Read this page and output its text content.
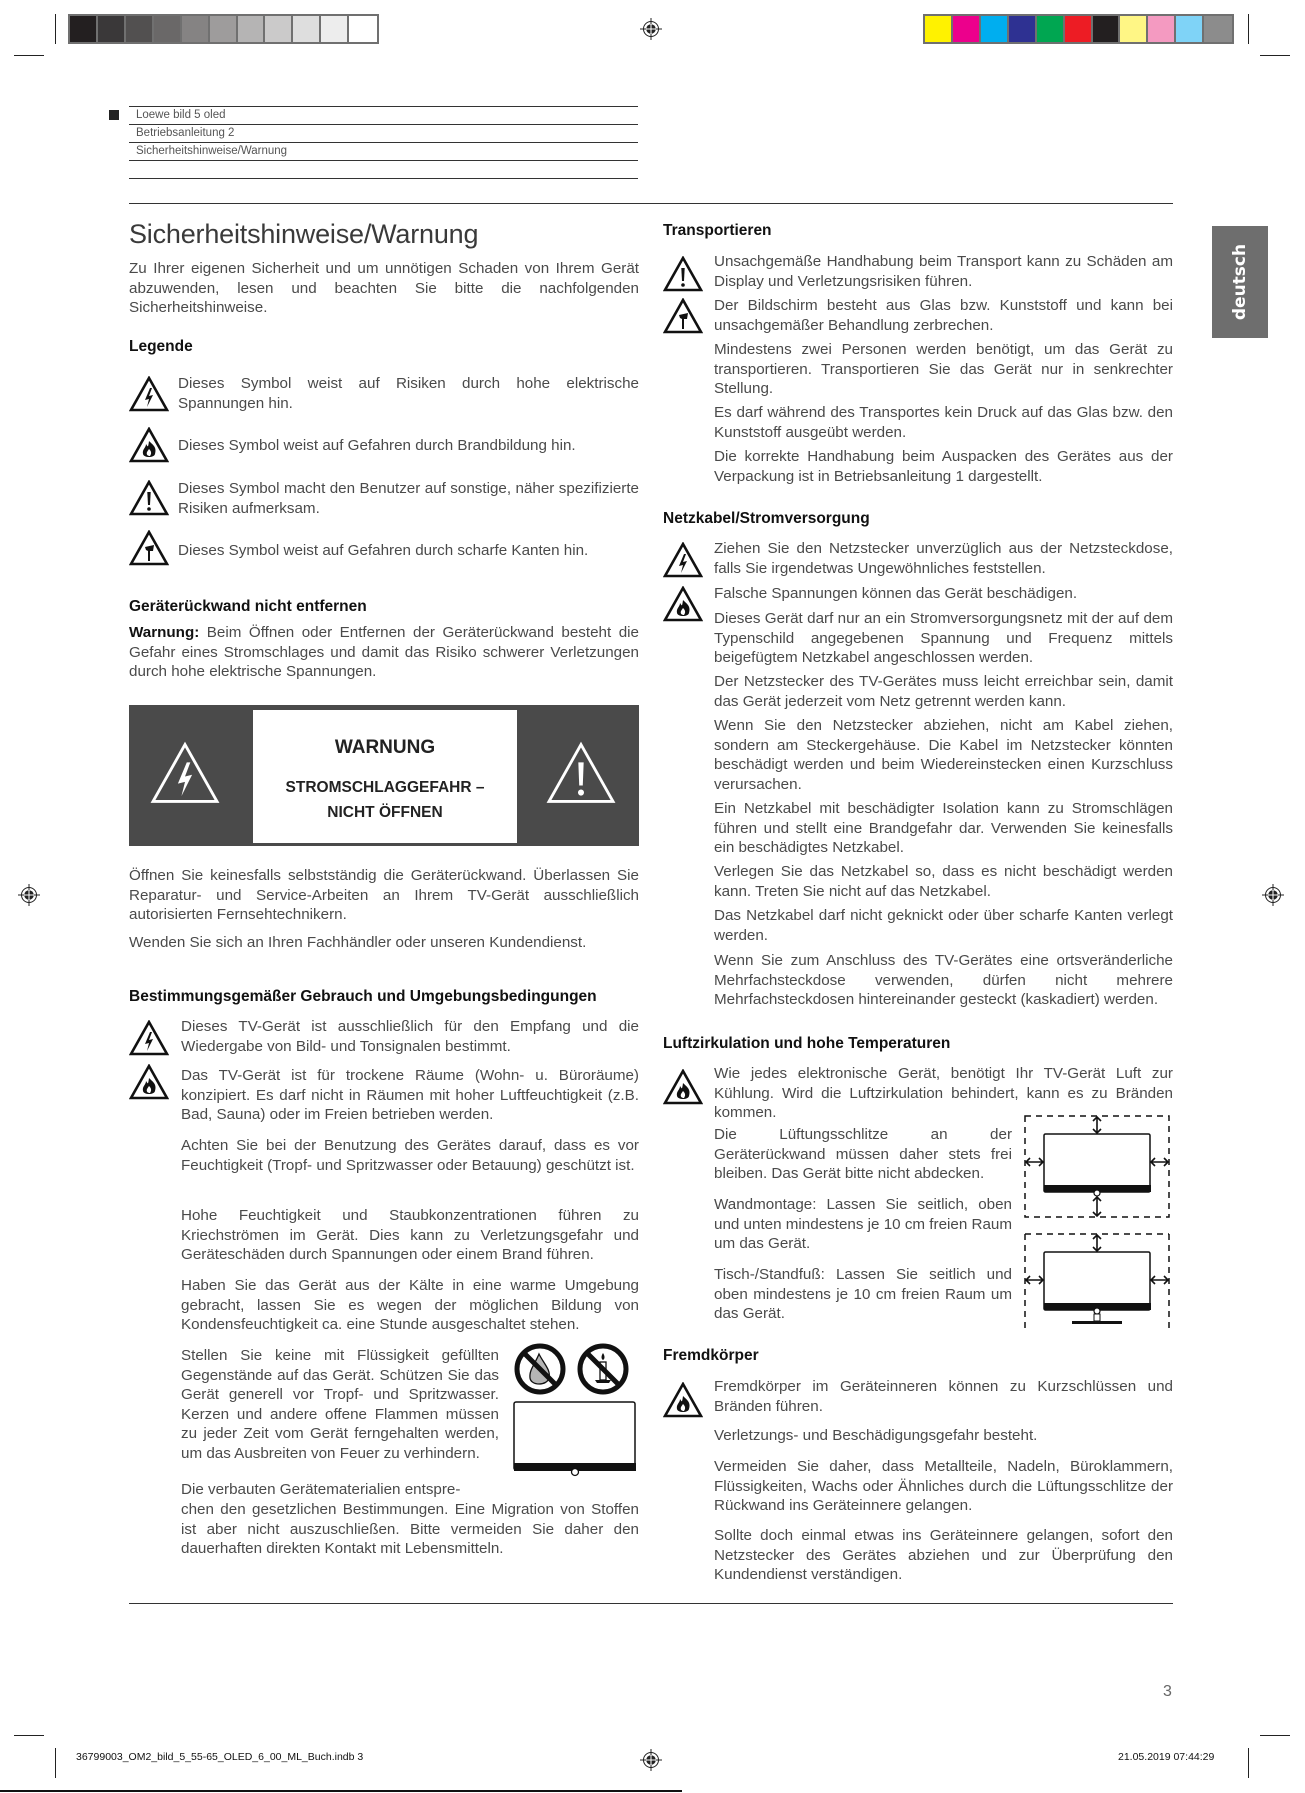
36799003_OM2_bild_5_55-65_OLED_6_00_ML_Buch.indb 3	21.05.2019 07:44:29
Loewe bild 5 oled
Betriebsanleitung 2
Sicherheitshinweise/Warnung
deutsch
Sicherheitshinweise/Warnung

Zu Ihrer eigenen Sicherheit und um unnötigen Schaden von Ihrem Gerät abzuwenden, lesen und beachten Sie bitte die nachfolgenden Sicherheitshinweise.

Legende

Dieses Symbol weist auf Risiken durch hohe elektrische Spannungen hin.

Dieses Symbol weist auf Gefahren durch Brandbildung hin.

Dieses Symbol macht den Benutzer auf sonstige, näher spezifizierte Risiken aufmerksam.

Dieses Symbol weist auf Gefahren durch scharfe Kanten hin.

Geräterückwand nicht entfernen

Warnung: Beim Öffnen oder Entfernen der Geräterückwand besteht die Gefahr eines Stromschlages und damit das Risiko schwerer Verletzungen durch hohe elektrische Spannungen.

WARNUNG
STROMSCHLAGGEFAHR –
NICHT ÖFFNEN

Öffnen Sie keinesfalls selbstständig die Geräterückwand. Überlassen Sie Reparatur- und Service-Arbeiten an Ihrem TV-Gerät ausschließlich autorisierten Fernsehtechnikern.

Wenden Sie sich an Ihren Fachhändler oder unseren Kundendienst.

Bestimmungsgemäßer Gebrauch und Umgebungsbedingungen

Dieses TV-Gerät ist ausschließlich für den Empfang und die Wiedergabe von Bild- und Tonsignalen bestimmt.

Das TV-Gerät ist für trockene Räume (Wohn- u. Büroräume) konzipiert. Es darf nicht in Räumen mit hoher Luftfeuchtigkeit (z.B. Bad, Sauna) oder im Freien betrieben werden.

Achten Sie bei der Benutzung des Gerätes darauf, dass es vor Feuchtigkeit (Tropf- und Spritzwasser oder Betauung) geschützt ist.

Hohe Feuchtigkeit und Staubkonzentrationen führen zu Kriechströmen im Gerät. Dies kann zu Verletzungsgefahr und Geräteschäden durch Spannungen oder einem Brand führen.

Haben Sie das Gerät aus der Kälte in eine warme Umgebung gebracht, lassen Sie es wegen der möglichen Bildung von Kondensfeuchtigkeit ca. eine Stunde ausgeschaltet stehen.

Stellen Sie keine mit Flüssigkeit gefüllten Gegenstände auf das Gerät. Schützen Sie das Gerät generell vor Tropf- und Spritzwasser. Kerzen und andere offene Flammen müssen zu jeder Zeit vom Gerät ferngehalten werden, um das Ausbreiten von Feuer zu verhindern.

Die verbauten Gerätematerialien entspre-

chen den gesetzlichen Bestimmungen. Eine Migration von Stoffen ist aber nicht auszuschließen. Bitte vermeiden Sie daher den dauerhaften direkten Kontakt mit Lebensmitteln.

Transportieren

Unsachgemäße Handhabung beim Transport kann zu Schäden am Display und Verletzungsrisiken führen.

Der Bildschirm besteht aus Glas bzw. Kunststoff und kann bei unsachgemäßer Behandlung zerbrechen.

Mindestens zwei Personen werden benötigt, um das Gerät zu transportieren. Transportieren Sie das Gerät nur in senkrechter Stellung.

Es darf während des Transportes kein Druck auf das Glas bzw. den Kunststoff ausgeübt werden.

Die korrekte Handhabung beim Auspacken des Gerätes aus der Verpackung ist in Betriebsanleitung 1 dargestellt.

Netzkabel/Stromversorgung

Ziehen Sie den Netzstecker unverzüglich aus der Netzsteckdose, falls Sie irgendetwas Ungewöhnliches feststellen.

Falsche Spannungen können das Gerät beschädigen.

Dieses Gerät darf nur an ein Stromversorgungsnetz mit der auf dem Typenschild angegebenen Spannung und Frequenz mittels beigefügtem Netzkabel angeschlossen werden.

Der Netzstecker des TV-Gerätes muss leicht erreichbar sein, damit das Gerät jederzeit vom Netz getrennt werden kann.

Wenn Sie den Netzstecker abziehen, nicht am Kabel ziehen, sondern am Steckergehäuse. Die Kabel im Netzstecker könnten beschädigt werden und beim Wiedereinstecken einen Kurzschluss verursachen.

Ein Netzkabel mit beschädigter Isolation kann zu Stromschlägen führen und stellt eine Brandgefahr dar. Verwenden Sie keinesfalls ein beschädigtes Netzkabel.

Verlegen Sie das Netzkabel so, dass es nicht beschädigt werden kann. Treten Sie nicht auf das Netzkabel.

Das Netzkabel darf nicht geknickt oder über scharfe Kanten verlegt werden.

Wenn Sie zum Anschluss des TV-Gerätes eine ortsveränderliche Mehrfachsteckdose verwenden, dürfen nicht mehrere Mehrfachsteckdosen hintereinander gesteckt (kaskadiert) werden.

Luftzirkulation und hohe Temperaturen

Wie jedes elektronische Gerät, benötigt Ihr TV-Gerät Luft zur Kühlung. Wird die Luftzirkulation behindert, kann es zu Bränden kommen.

Die Lüftungsschlitze an der Geräterückwand müssen daher stets frei bleiben. Das Gerät bitte nicht abdecken.

Wandmontage: Lassen Sie seitlich, oben und unten mindestens je 10 cm freien Raum um das Gerät.

Tisch-/Standfuß: Lassen Sie seitlich und oben mindestens je 10 cm freien Raum um das Gerät.

Fremdkörper

Fremdkörper im Geräteinneren können zu Kurzschlüssen und Bränden führen.

Verletzungs- und Beschädigungsgefahr besteht.

Vermeiden Sie daher, dass Metallteile, Nadeln, Büroklammern, Flüssigkeiten, Wachs oder Ähnliches durch die Lüftungsschlitze der Rückwand ins Geräteinnere gelangen.

Sollte doch einmal etwas ins Geräteinnere gelangen, sofort den Netzstecker des Gerätes abziehen und zur Überprüfung den Kundendienst verständigen.

3
